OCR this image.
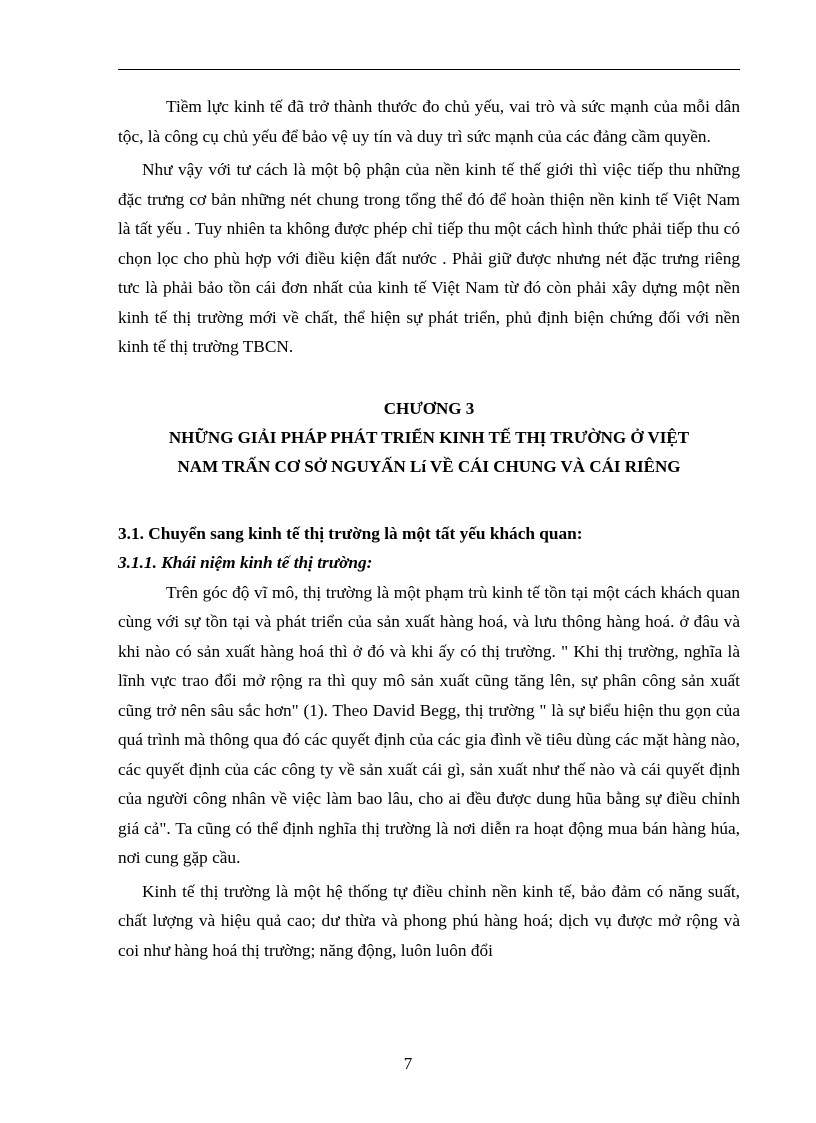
Tiềm lực kinh tế đã trở thành thước đo chủ yếu, vai trò và sức mạnh của mỗi dân tộc, là công cụ chủ yếu để bảo vệ uy tín và duy trì sức mạnh của các đảng cầm quyền.

Như vậy với tư cách là một bộ phận của nền kinh tế thế giới thì việc tiếp thu những đặc trưng cơ bản những nét chung trong tổng thể đó để hoàn thiện nền kinh tế Việt Nam là tất yếu . Tuy nhiên ta không được phép chỉ tiếp thu một cách hình thức phải tiếp thu có chọn lọc cho phù hợp với điều kiện đất nước . Phải giữ được nhưng nét đặc trưng riêng tưc là phải bảo tồn cái đơn nhất của kinh tế Việt Nam từ đó còn phải xây dựng một nền kinh tế thị trường mới về chất, thể hiện sự phát triển, phủ định biện chứng đối với nền kinh tế thị trường TBCN.

CHƯƠNG 3
NHỮNG GIẢI PHÁP PHÁT TRIỂN KINH TẾ THỊ TRƯỜNG Ở VIỆT
NAM TRẤN CƠ SỞ NGUYẤN Lí VỀ CÁI CHUNG VÀ CÁI RIÊNG

3.1. Chuyển sang kinh tế thị trường là một tất yếu khách quan:

3.1.1. Khái niệm kinh tế thị trường:

Trên góc độ vĩ mô, thị trường là một phạm trù kinh tế tồn tại một cách khách quan cùng với sự tồn tại và phát triển của sản xuất hàng hoá, và lưu thông hàng hoá. ở đâu và khi nào có sản xuất hàng hoá thì ở đó và khi ấy có thị trường. " Khi thị trường, nghĩa là lĩnh vực trao đổi mở rộng ra thì quy mô sản xuất cũng tăng lên, sự phân công sản xuất cũng trở nên sâu sắc hơn" (1). Theo David Begg, thị trường " là sự biểu hiện thu gọn của quá trình mà thông qua đó các quyết định của các gia đình về tiêu dùng các mặt hàng nào, các quyết định của các công ty về sản xuất cái gì, sản xuất như thế nào và cái quyết định của người công nhân về việc làm bao lâu, cho ai đều được dung hũa bằng sự điều chỉnh giá cả". Ta cũng có thể định nghĩa thị trường là nơi diễn ra hoạt động mua bán hàng húa, nơi cung gặp cầu.

Kinh tế thị trường là một hệ thống tự điều chỉnh nền kinh tế, bảo đảm có năng suất, chất lượng và hiệu quả cao; dư thừa và phong phú hàng hoá; dịch vụ được mở rộng và coi như hàng hoá thị trường; năng động, luôn luôn đổi

7
